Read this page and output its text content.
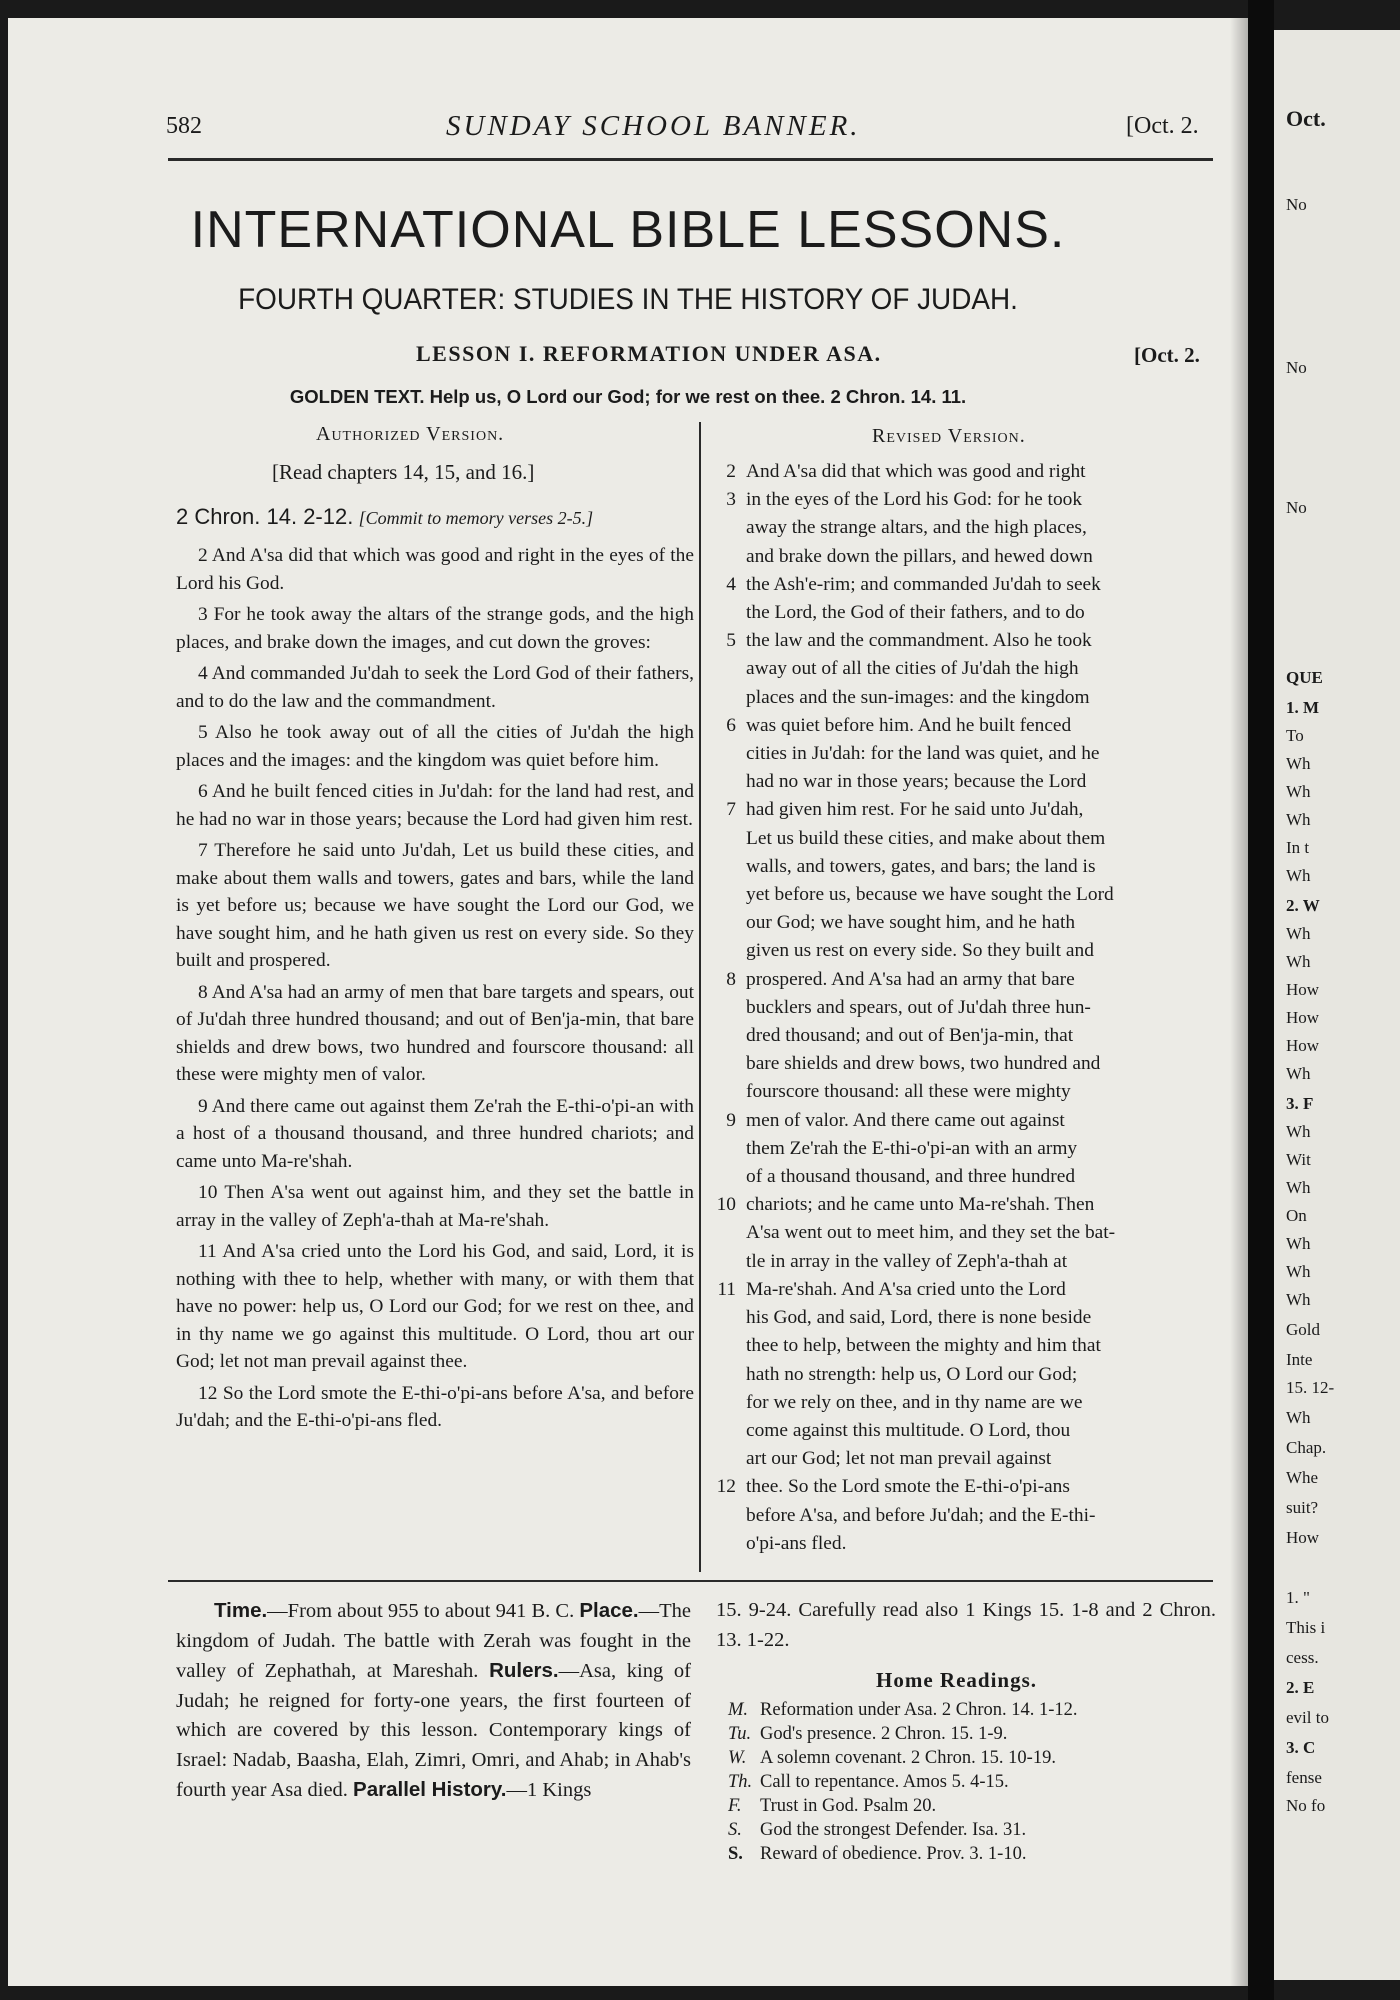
582	SUNDAY SCHOOL BANNER.	[Oct. 2.
INTERNATIONAL BIBLE LESSONS.
FOURTH QUARTER: STUDIES IN THE HISTORY OF JUDAH.
LESSON I. REFORMATION UNDER ASA.	[Oct. 2.
GOLDEN TEXT. Help us, O Lord our God; for we rest on thee. 2 Chron. 14. 11.
Authorized Version.
[Read chapters 14, 15, and 16.]
2 Chron. 14. 2-12. [Commit to memory verses 2-5.]

2 And A'sa did that which was good and right in the eyes of the Lord his God.

3 For he took away the altars of the strange gods, and the high places, and brake down the images, and cut down the groves:

4 And commanded Ju'dah to seek the Lord God of their fathers, and to do the law and the commandment.

5 Also he took away out of all the cities of Ju'dah the high places and the images: and the kingdom was quiet before him.

6 And he built fenced cities in Ju'dah: for the land had rest, and he had no war in those years; because the Lord had given him rest.

7 Therefore he said unto Ju'dah, Let us build these cities, and make about them walls and towers, gates and bars, while the land is yet before us; because we have sought the Lord our God, we have sought him, and he hath given us rest on every side. So they built and prospered.

8 And A'sa had an army of men that bare targets and spears, out of Ju'dah three hundred thousand; and out of Ben'ja-min, that bare shields and drew bows, two hundred and fourscore thousand: all these were mighty men of valor.

9 And there came out against them Ze'rah the E-thi-o'pi-an with a host of a thousand thousand, and three hundred chariots; and came unto Ma-re'shah.

10 Then A'sa went out against him, and they set the battle in array in the valley of Zeph'a-thah at Ma-re'shah.

11 And A'sa cried unto the Lord his God, and said, Lord, it is nothing with thee to help, whether with many, or with them that have no power: help us, O Lord our God; for we rest on thee, and in thy name we go against this multitude. O Lord, thou art our God; let not man prevail against thee.

12 So the Lord smote the E-thi-o'pi-ans before A'sa, and before Ju'dah; and the E-thi-o'pi-ans fled.

Revised Version.
2 And A'sa did that which was good and right
3 in the eyes of the Lord his God: for he took
away the strange altars, and the high places,
and brake down the pillars, and hewed down
4 the Ash'e-rim; and commanded Ju'dah to seek
the Lord, the God of their fathers, and to do
5 the law and the commandment. Also he took
away out of all the cities of Ju'dah the high
places and the sun-images: and the kingdom
6 was quiet before him. And he built fenced
cities in Ju'dah: for the land was quiet, and he
had no war in those years; because the Lord
7 had given him rest. For he said unto Ju'dah,
Let us build these cities, and make about them
walls, and towers, gates, and bars; the land is
yet before us, because we have sought the Lord
our God; we have sought him, and he hath
given us rest on every side. So they built and
8 prospered. And A'sa had an army that bare
bucklers and spears, out of Ju'dah three hun-
dred thousand; and out of Ben'ja-min, that
bare shields and drew bows, two hundred and
fourscore thousand: all these were mighty
9 men of valor. And there came out against
them Ze'rah the E-thi-o'pi-an with an army
of a thousand thousand, and three hundred
10 chariots; and he came unto Ma-re'shah. Then
A'sa went out to meet him, and they set the bat-
tle in array in the valley of Zeph'a-thah at
11 Ma-re'shah. And A'sa cried unto the Lord
his God, and said, Lord, there is none beside
thee to help, between the mighty and him that
hath no strength: help us, O Lord our God;
for we rely on thee, and in thy name are we
come against this multitude. O Lord, thou
art our God; let not man prevail against
12 thee. So the Lord smote the E-thi-o'pi-ans
before A'sa, and before Ju'dah; and the E-thi-
o'pi-ans fled.

Time.—From about 955 to about 941 B. C. Place.—The kingdom of Judah. The battle with Zerah was fought in the valley of Zephathah, at Mareshah. Rulers.—Asa, king of Judah; he reigned for forty-one years, the first fourteen of which are covered by this lesson. Contemporary kings of Israel: Nadab, Baasha, Elah, Zimri, Omri, and Ahab; in Ahab's fourth year Asa died. Parallel History.—1 Kings

15. 9-24. Carefully read also 1 Kings 15. 1-8 and 2 Chron. 13. 1-22.

Home Readings.
M. Reformation under Asa. 2 Chron. 14. 1-12.
Tu. God's presence. 2 Chron. 15. 1-9.
W. A solemn covenant. 2 Chron. 15. 10-19.
Th. Call to repentance. Amos 5. 4-15.
F. Trust in God. Psalm 20.
S. God the strongest Defender. Isa. 31.
S. Reward of obedience. Prov. 3. 1-10.
Oct.
No
No
No
QUE
1. M
To
Wh
Wh
Wh
In t
Wh
2. W
Wh
Wh
How
How
How
Wh
3. F
Wh
Wit
Wh
On
Wh
Wh
Wh
Gold
Inte
15. 12-
Wh
Chap.
Whe
suit?
How
1. "
This i
cess.
2. E
evil to
3. C
fense
No fo
